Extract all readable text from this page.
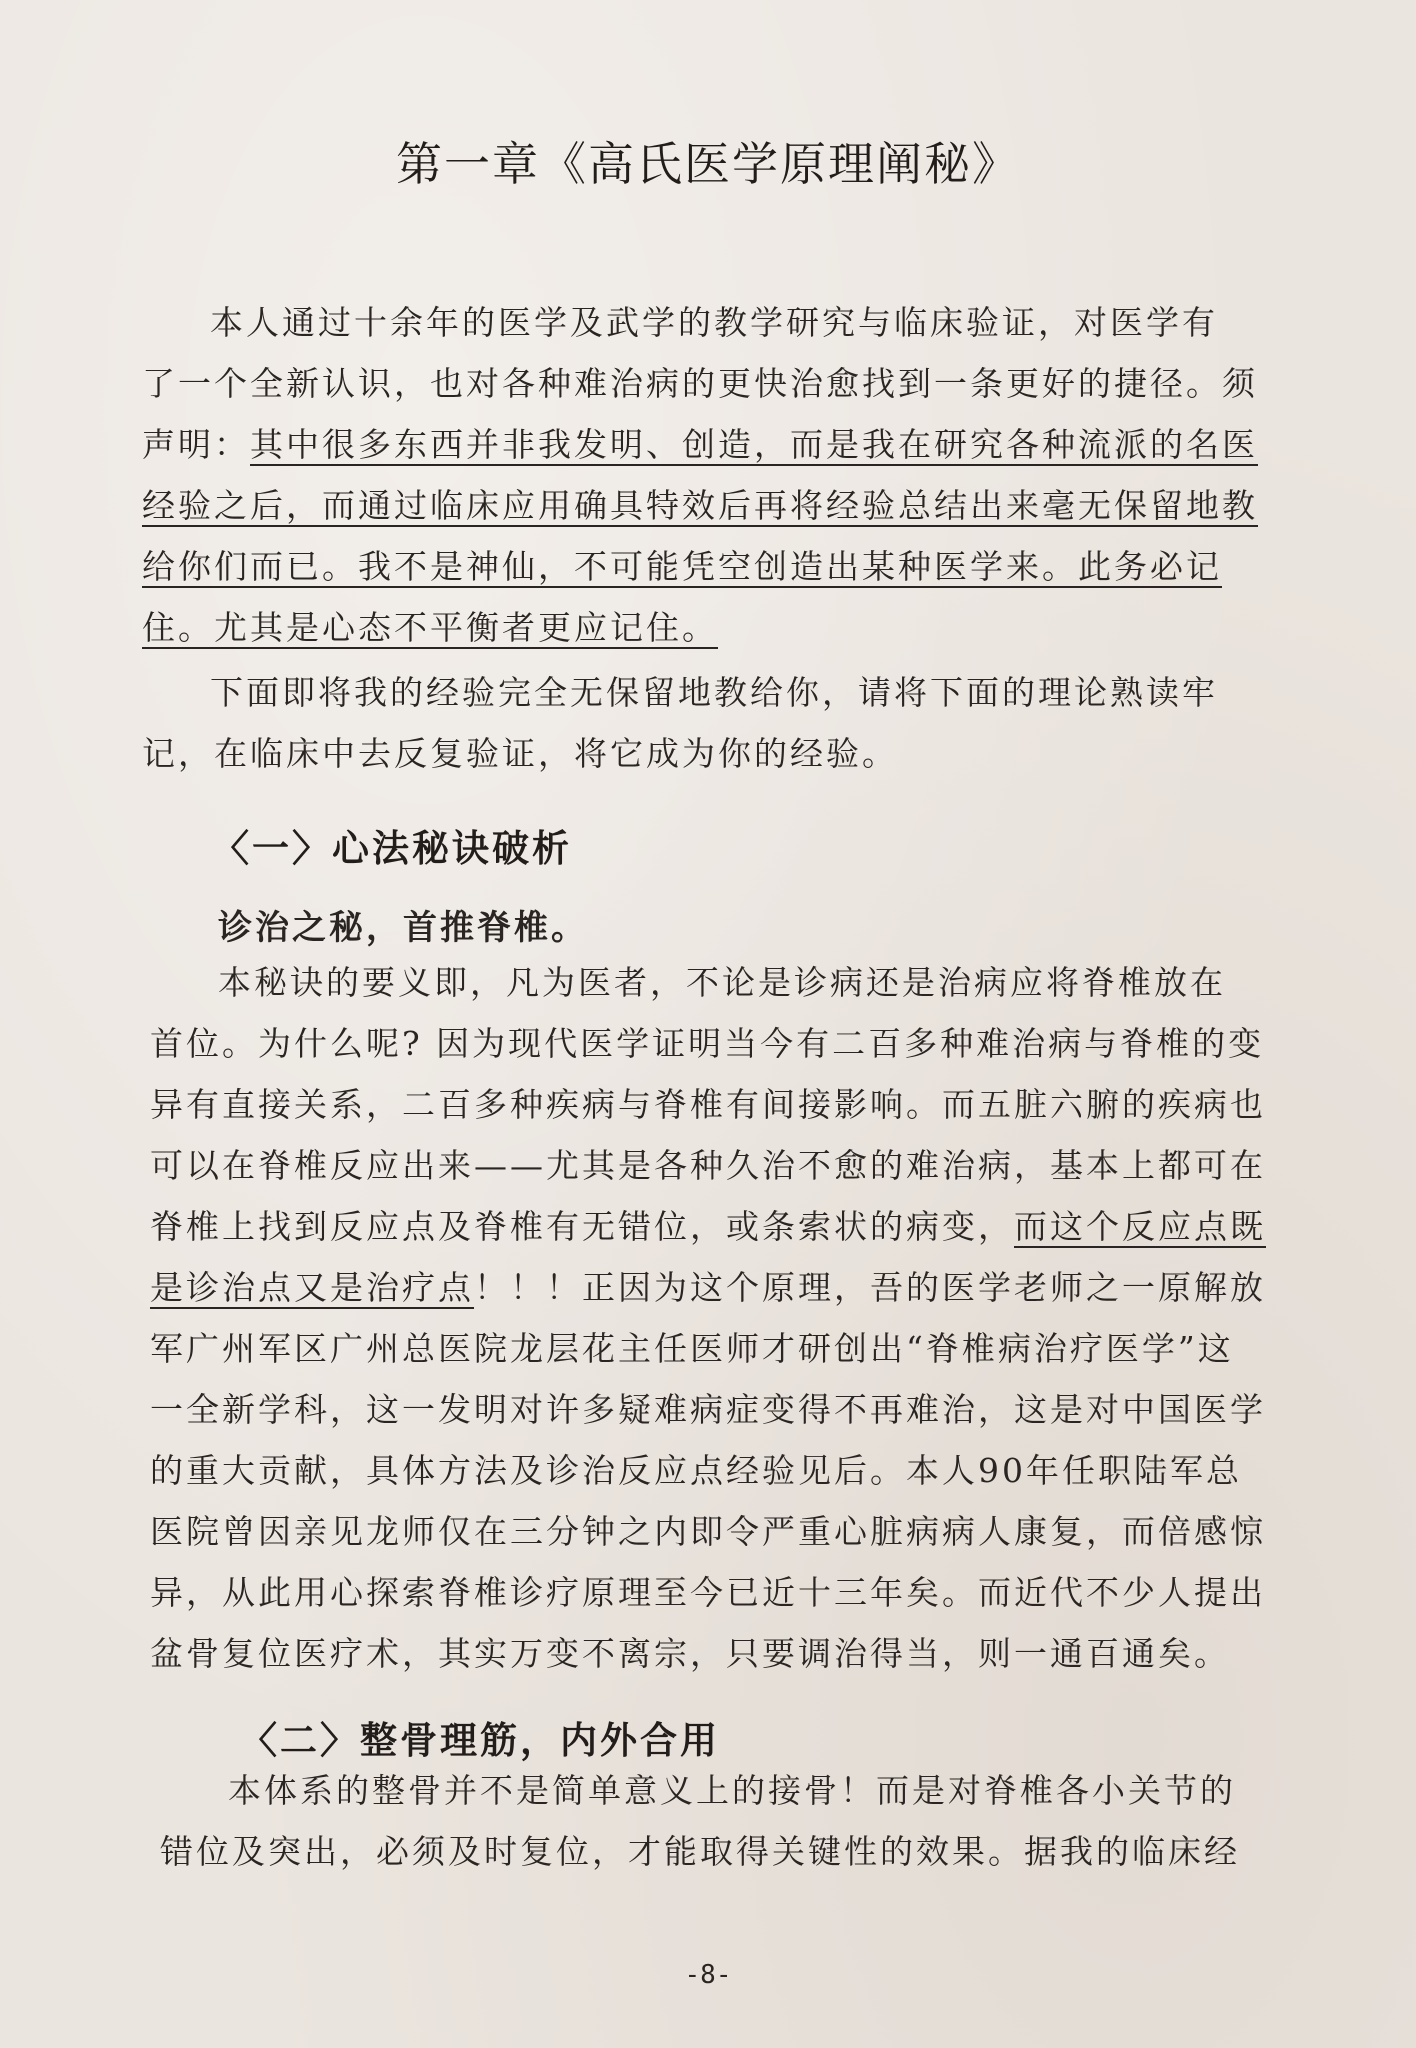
第一章《高氏医学原理阐秘》

本人通过十余年的医学及武学的教学研究与临床验证，对医学有
了一个全新认识，也对各种难治病的更快治愈找到一条更好的捷径。须
声明：其中很多东西并非我发明、创造，而是我在研究各种流派的名医
经验之后，而通过临床应用确具特效后再将经验总结出来毫无保留地教
给你们而已。我不是神仙，不可能凭空创造出某种医学来。此务必记
住。尤其是心态不平衡者更应记住。

下面即将我的经验完全无保留地教给你，请将下面的理论熟读牢
记，在临床中去反复验证，将它成为你的经验。

〈一〉心法秘诀破析
诊治之秘，首推脊椎。

本秘诀的要义即，凡为医者，不论是诊病还是治病应将脊椎放在
首位。为什么呢? 因为现代医学证明当今有二百多种难治病与脊椎的变
异有直接关系，二百多种疾病与脊椎有间接影响。而五脏六腑的疾病也
可以在脊椎反应出来——尤其是各种久治不愈的难治病，基本上都可在
脊椎上找到反应点及脊椎有无错位，或条索状的病变，而这个反应点既
是诊治点又是治疗点！！！正因为这个原理，吾的医学老师之一原解放
军广州军区广州总医院龙层花主任医师才研创出“脊椎病治疗医学”这
一全新学科，这一发明对许多疑难病症变得不再难治，这是对中国医学
的重大贡献，具体方法及诊治反应点经验见后。本人90年任职陆军总
医院曾因亲见龙师仅在三分钟之内即令严重心脏病病人康复，而倍感惊
异，从此用心探索脊椎诊疗原理至今已近十三年矣。而近代不少人提出
盆骨复位医疗术，其实万变不离宗，只要调治得当，则一通百通矣。

〈二〉整骨理筋，内外合用

本体系的整骨并不是简单意义上的接骨！而是对脊椎各小关节的
错位及突出，必须及时复位，才能取得关键性的效果。据我的临床经

-8-
